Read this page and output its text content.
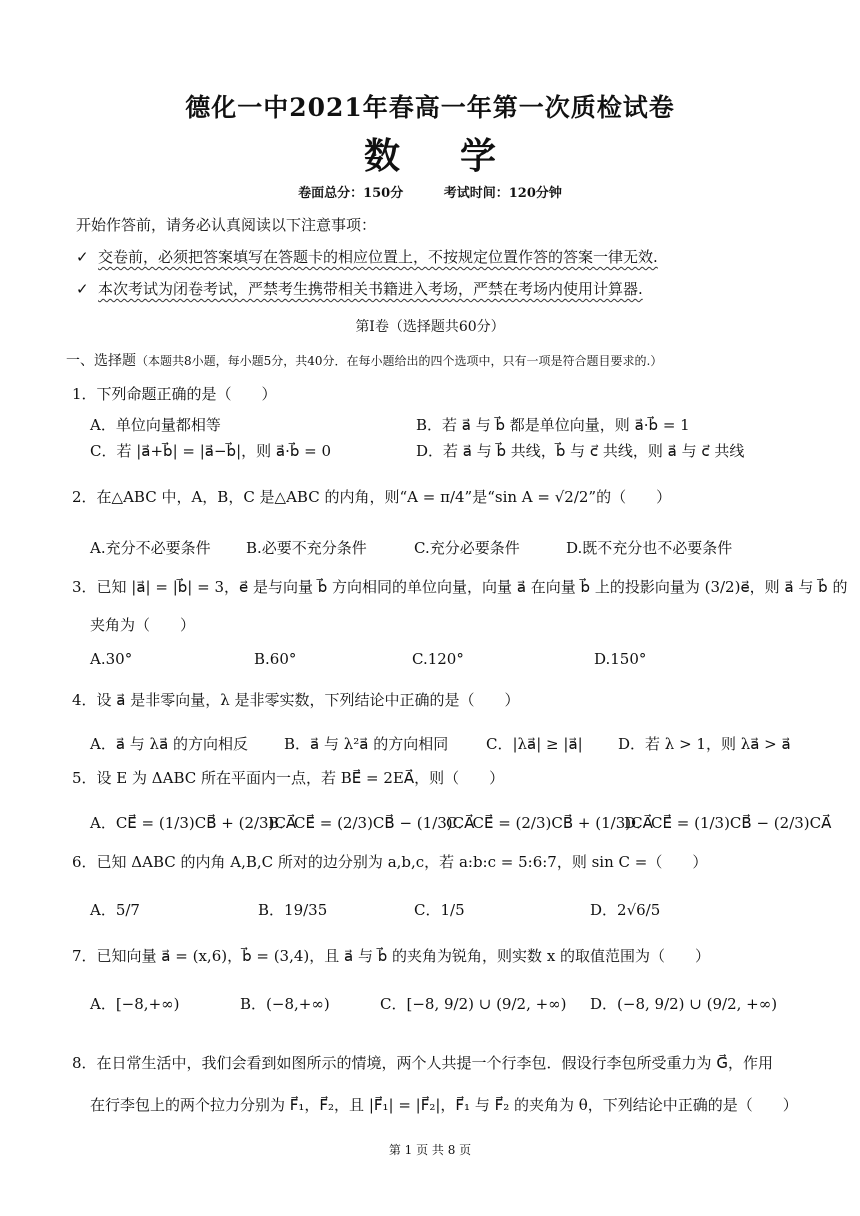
德化一中2021年春高一年第一次质检试卷
数学
卷面总分：150分	考试时间：120分钟
开始作答前，请务必认真阅读以下注意事项：
✓ 交卷前，必须把答案填写在答题卡的相应位置上，不按规定位置作答的答案一律无效.
✓ 本次考试为闭卷考试，严禁考生携带相关书籍进入考场，严禁在考场内使用计算器.
第Ⅰ卷（选择题共60分）
一、选择题（本题共8小题，每小题5分，共40分．在每小题给出的四个选项中，只有一项是符合题目要求的.）
1．下列命题正确的是（　　）
A．单位向量都相等	B．若 a⃗ 与 b⃗ 都是单位向量，则 a⃗·b⃗ = 1
C．若 |a⃗+b⃗| = |a⃗−b⃗|，则 a⃗·b⃗ = 0	D．若 a⃗ 与 b⃗ 共线，b⃗ 与 c⃗ 共线，则 a⃗ 与 c⃗ 共线
2．在△ABC 中，A，B，C 是△ABC 的内角，则“A = π/4”是“sin A = √2/2”的（　　）
A.充分不必要条件 B.必要不充分条件	C.充分必要条件	D.既不充分也不必要条件
3．已知 |a⃗| = |b⃗| = 3，e⃗ 是与向量 b⃗ 方向相同的单位向量，向量 a⃗ 在向量 b⃗ 上的投影向量为 (3/2)e⃗，则 a⃗ 与 b⃗ 的
夹角为（　　）
A.30°	B.60°	C.120°	D.150°
4．设 a⃗ 是非零向量，λ 是非零实数，下列结论中正确的是（　　）
A．a⃗ 与 λa⃗ 的方向相反 B．a⃗ 与 λ²a⃗ 的方向相同	C．|λa⃗| ≥ |a⃗| D．若 λ > 1，则 λa⃗ > a⃗
5．设 E 为 ΔABC 所在平面内一点，若 BE⃗ = 2EA⃗，则（　　）
A．CE⃗ = (1/3)CB⃗ + (2/3)CA⃗
B．CE⃗ = (2/3)CB⃗ − (1/3)CA⃗
C．CE⃗ = (2/3)CB⃗ + (1/3)CA⃗
D．CE⃗ = (1/3)CB⃗ − (2/3)CA⃗
6．已知 ΔABC 的内角 A,B,C 所对的边分别为 a,b,c，若 a:b:c = 5:6:7，则 sin C =（　　）
A．5/7	B．19/35	C．1/5	D．2√6/5
7．已知向量 a⃗ = (x,6)，b⃗ = (3,4)，且 a⃗ 与 b⃗ 的夹角为锐角，则实数 x 的取值范围为（　　）
A．[−8,+∞)	B．(−8,+∞)	C．[−8, 9/2) ∪ (9/2, +∞) D．(−8, 9/2) ∪ (9/2, +∞)
8．在日常生活中，我们会看到如图所示的情境，两个人共提一个行李包．假设行李包所受重力为 G⃗，作用
在行李包上的两个拉力分别为 F⃗₁，F⃗₂，且 |F⃗₁| = |F⃗₂|，F⃗₁ 与 F⃗₂ 的夹角为 θ，下列结论中正确的是（　　）
第 1 页 共 8 页
